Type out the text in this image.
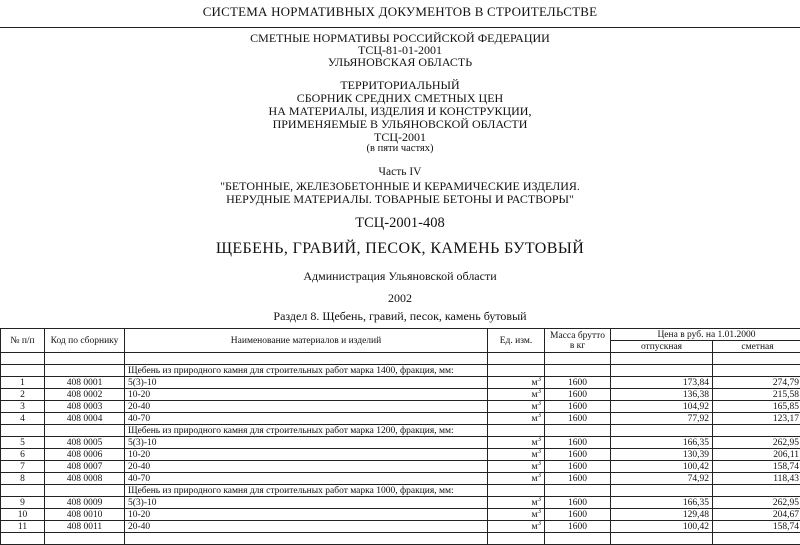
СИСТЕМА НОРМАТИВНЫХ ДОКУМЕНТОВ В СТРОИТЕЛЬСТВЕ
СМЕТНЫЕ НОРМАТИВЫ РОССИЙСКОЙ ФЕДЕРАЦИИ
ТСЦ-81-01-2001
УЛЬЯНОВСКАЯ ОБЛАСТЬ
ТЕРРИТОРИАЛЬНЫЙ
СБОРНИК СРЕДНИХ СМЕТНЫХ ЦЕН
НА МАТЕРИАЛЫ, ИЗДЕЛИЯ И КОНСТРУКЦИИ,
ПРИМЕНЯЕМЫЕ В УЛЬЯНОВСКОЙ ОБЛАСТИ
ТСЦ-2001
(в пяти частях)
Часть IV
"БЕТОННЫЕ, ЖЕЛЕЗОБЕТОННЫЕ И КЕРАМИЧЕСКИЕ ИЗДЕЛИЯ.
НЕРУДНЫЕ МАТЕРИАЛЫ. ТОВАРНЫЕ БЕТОНЫ И РАСТВОРЫ"
ТСЦ-2001-408
ЩЕБЕНЬ, ГРАВИЙ, ПЕСОК, КАМЕНЬ БУТОВЫЙ
Администрация Ульяновской области
2002
Раздел 8. Щебень, гравий, песок, камень бутовый
№ п/п	Код по сборнику	Наименование материалов и изделий	Ед. изм.	Масса брутто в кг	Цена в руб. на 1.01.2000	
					отпускная	сметная

		Щебень из природного камня для строительных работ марка 1400, фракция, мм:				
1	408 0001	5(3)-10	$м^3$	1600	173,84	274,79
2	408 0002	10-20	$м^3$	1600	136,38	215,58
3	408 0003	20-40	$м^3$	1600	104,92	165,85
4	408 0004	40-70	$м^3$	1600	77,92	123,17
		Щебень из природного камня для строительных работ марка 1200, фракция, мм:				
5	408 0005	5(3)-10	$м^3$	1600	166,35	262,95
6	408 0006	10-20	$м^3$	1600	130,39	206,11
7	408 0007	20-40	$м^3$	1600	100,42	158,74
8	408 0008	40-70	$м^3$	1600	74,92	118,43
		Щебень из природного камня для строительных работ марка 1000, фракция, мм:				
9	408 0009	5(3)-10	$м^3$	1600	166,35	262,95
10	408 0010	10-20	$м^3$	1600	129,48	204,67
11	408 0011	20-40	$м^3$	1600	100,42	158,74
